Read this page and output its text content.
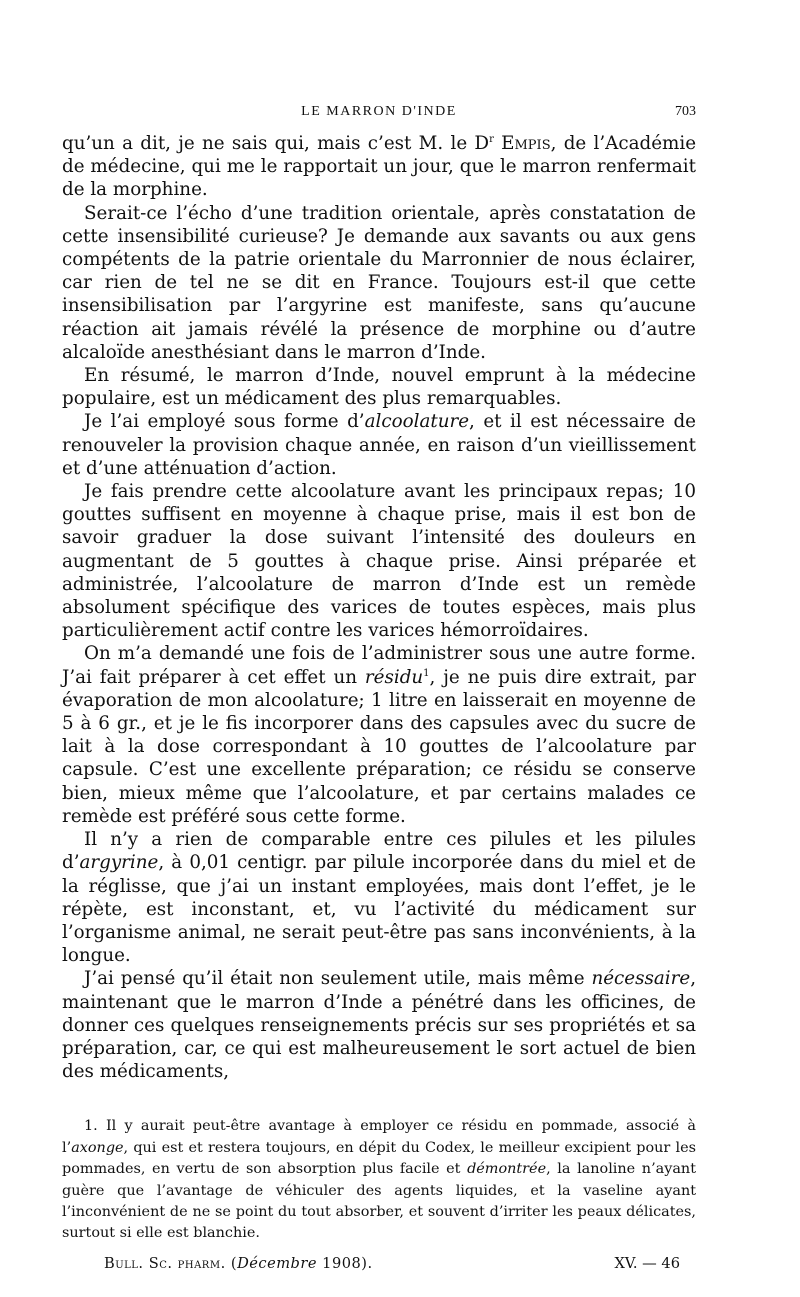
LE MARRON D'INDE	703

qu’un a dit, je ne sais qui, mais c’est M. le $D^r$ Empis, de l’Académie de médecine, qui me le rapportait un jour, que le marron renfermait de la morphine.

Serait-ce l’écho d’une tradition orientale, après constatation de cette insensibilité curieuse? Je demande aux savants ou aux gens compétents de la patrie orientale du Marronnier de nous éclairer, car rien de tel ne se dit en France. Toujours est-il que cette insensibilisation par l’argyrine est manifeste, sans qu’aucune réaction ait jamais révélé la présence de morphine ou d’autre alcaloïde anesthésiant dans le marron d’Inde.

En résumé, le marron d’Inde, nouvel emprunt à la médecine populaire, est un médicament des plus remarquables.

Je l’ai employé sous forme d’alcoolature, et il est nécessaire de renouveler la provision chaque année, en raison d’un vieillissement et d’une atténuation d’action.

Je fais prendre cette alcoolature avant les principaux repas; 10 gouttes suffisent en moyenne à chaque prise, mais il est bon de savoir graduer la dose suivant l’intensité des douleurs en augmentant de 5 gouttes à chaque prise. Ainsi préparée et administrée, l’alcoolature de marron d’Inde est un remède absolument spécifique des varices de toutes espèces, mais plus particulièrement actif contre les varices hémorroïdaires.

On m’a demandé une fois de l’administrer sous une autre forme. J’ai fait préparer à cet effet un résidu$^1$, je ne puis dire extrait, par évaporation de mon alcoolature; 1 litre en laisserait en moyenne de 5 à 6 gr., et je le fis incorporer dans des capsules avec du sucre de lait à la dose correspondant à 10 gouttes de l’alcoolature par capsule. C’est une excellente préparation; ce résidu se conserve bien, mieux même que l’alcoolature, et par certains malades ce remède est préféré sous cette forme.

Il n’y a rien de comparable entre ces pilules et les pilules d’argyrine, à 0,01 centigr. par pilule incorporée dans du miel et de la réglisse, que j’ai un instant employées, mais dont l’effet, je le répète, est inconstant, et, vu l’activité du médicament sur l’organisme animal, ne serait peut-être pas sans inconvénients, à la longue.

J’ai pensé qu’il était non seulement utile, mais même nécessaire, maintenant que le marron d’Inde a pénétré dans les officines, de donner ces quelques renseignements précis sur ses propriétés et sa préparation, car, ce qui est malheureusement le sort actuel de bien des médicaments,

1. Il y aurait peut-être avantage à employer ce résidu en pommade, associé à l’axonge, qui est et restera toujours, en dépit du Codex, le meilleur excipient pour les pommades, en vertu de son absorption plus facile et démontrée, la lanoline n’ayant guère que l’avantage de véhiculer des agents liquides, et la vaseline ayant l’inconvénient de ne se point du tout absorber, et souvent d’irriter les peaux délicates, surtout si elle est blanchie.

Bull. Sc. pharm. (Décembre 1908).	XV. — 46
